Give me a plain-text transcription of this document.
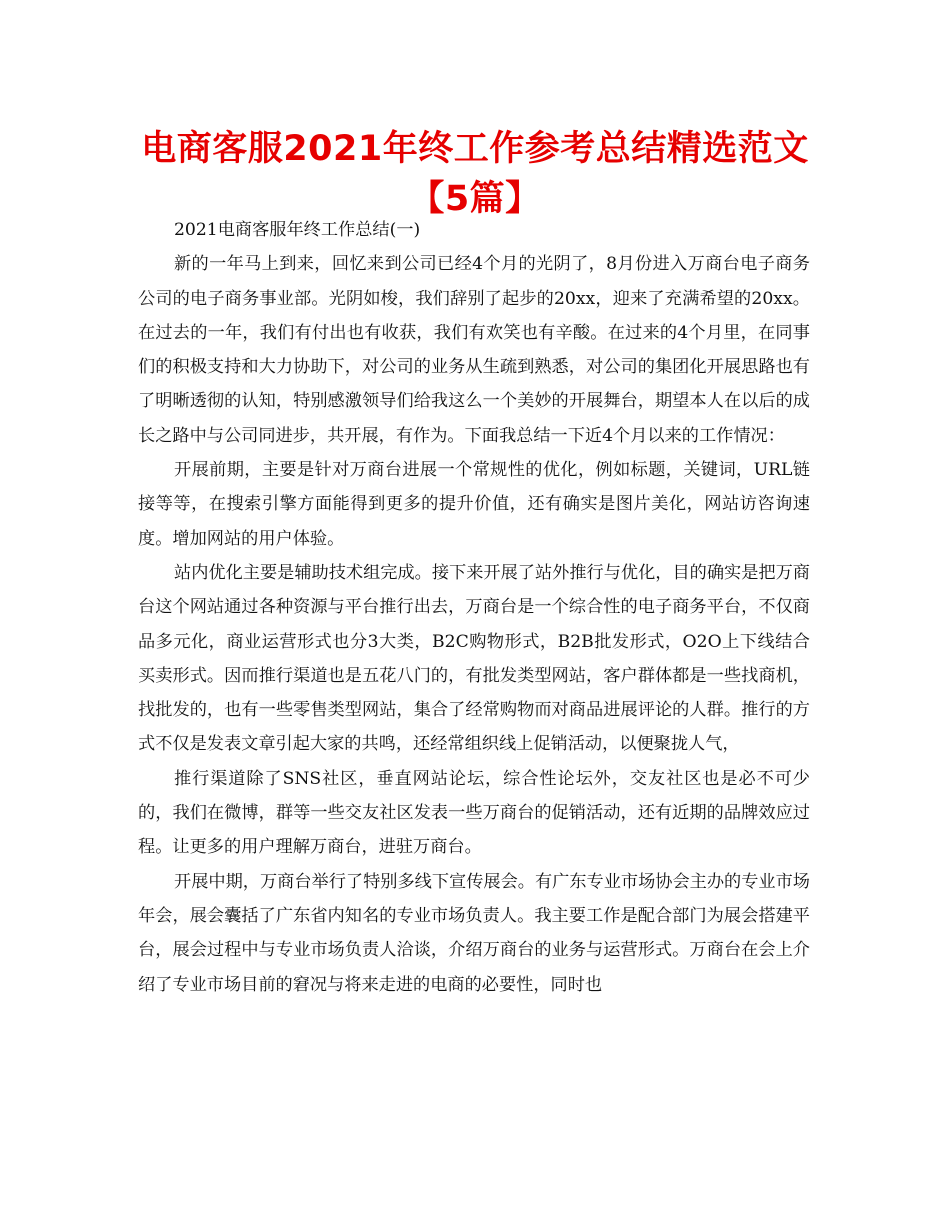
电商客服2021年终工作参考总结精选范文【5篇】

2021电商客服年终工作总结(一)

新的一年马上到来，回忆来到公司已经4个月的光阴了，8月份进入万商台电子商务公司的电子商务事业部。光阴如梭，我们辞别了起步的20xx，迎来了充满希望的20xx。在过去的一年，我们有付出也有收获，我们有欢笑也有辛酸。在过来的4个月里，在同事们的积极支持和大力协助下，对公司的业务从生疏到熟悉，对公司的集团化开展思路也有了明晰透彻的认知，特别感激领导们给我这么一个美妙的开展舞台，期望本人在以后的成长之路中与公司同进步，共开展，有作为。下面我总结一下近4个月以来的工作情况：

开展前期，主要是针对万商台进展一个常规性的优化，例如标题，关键词，URL链接等等，在搜索引擎方面能得到更多的提升价值，还有确实是图片美化，网站访咨询速度。增加网站的用户体验。

站内优化主要是辅助技术组完成。接下来开展了站外推行与优化，目的确实是把万商台这个网站通过各种资源与平台推行出去，万商台是一个综合性的电子商务平台，不仅商品多元化，商业运营形式也分3大类，B2C购物形式，B2B批发形式，O2O上下线结合买卖形式。因而推行渠道也是五花八门的，有批发类型网站，客户群体都是一些找商机，找批发的，也有一些零售类型网站，集合了经常购物而对商品进展评论的人群。推行的方式不仅是发表文章引起大家的共鸣，还经常组织线上促销活动，以便聚拢人气，

推行渠道除了SNS社区，垂直网站论坛，综合性论坛外，交友社区也是必不可少的，我们在微博，群等一些交友社区发表一些万商台的促销活动，还有近期的品牌效应过程。让更多的用户理解万商台，进驻万商台。

开展中期，万商台举行了特别多线下宣传展会。有广东专业市场协会主办的专业市场年会，展会囊括了广东省内知名的专业市场负责人。我主要工作是配合部门为展会搭建平台，展会过程中与专业市场负责人洽谈，介绍万商台的业务与运营形式。万商台在会上介绍了专业市场目前的窘况与将来走进的电商的必要性，同时也
